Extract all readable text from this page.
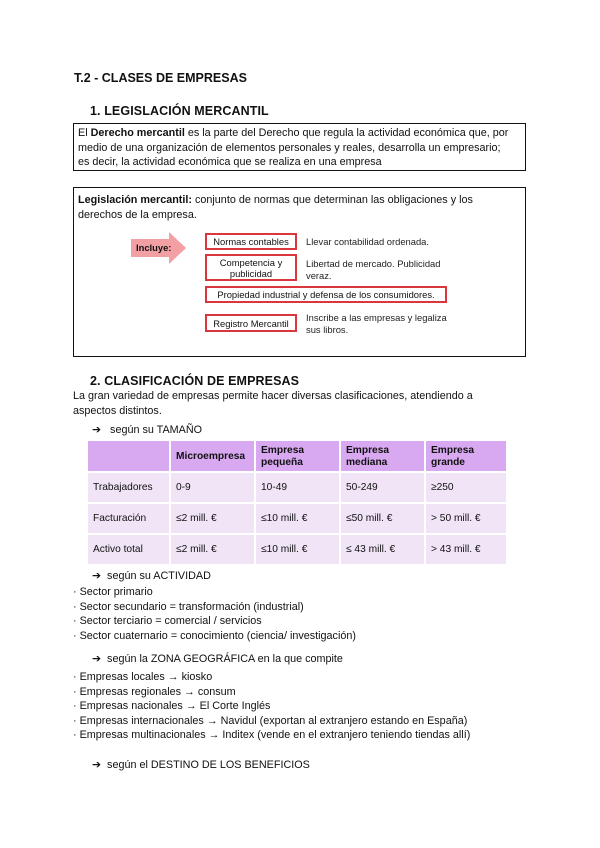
T.2 - CLASES DE EMPRESAS
1. LEGISLACIÓN MERCANTIL
El Derecho mercantil es la parte del Derecho que regula la actividad económica que, por
medio de una organización de elementos personales y reales, desarrolla un empresario;
es decir, la actividad económica que se realiza en una empresa
Legislación mercantil: conjunto de normas que determinan las obligaciones y los
derechos de la empresa.
Incluye:
Normas contables	Llevar contabilidad ordenada.
Competencia y publicidad
Libertad de mercado. Publicidad
veraz.
Propiedad industrial y defensa de los consumidores.
Registro Mercantil	Inscribe a las empresas y legaliza
sus libros.
2. CLASIFICACIÓN DE EMPRESAS
La gran variedad de empresas permite hacer diversas clasificaciones, atendiendo a
aspectos distintos.
➔ según su TAMAÑO
	Microempresa	Empresa pequeña	Empresa mediana	Empresa grande
Trabajadores	0-9	10-49	50-249	≥250
Facturación	≤2 mill. €	≤10 mill. €	≤50 mill. €	> 50 mill. €
Activo total	≤2 mill. €	≤10 mill. €	≤ 43 mill. €	> 43 mill. €
➔ según su ACTIVIDAD
· Sector primario
· Sector secundario = transformación (industrial)
· Sector terciario = comercial / servicios
· Sector cuaternario = conocimiento (ciencia/ investigación)
➔ según la ZONA GEOGRÁFICA en la que compite
· Empresas locales → kiosko
· Empresas regionales → consum
· Empresas nacionales → El Corte Inglés
· Empresas internacionales → Navidul (exportan al extranjero estando en España)
· Empresas multinacionales → Inditex (vende en el extranjero teniendo tiendas allí)
➔ según el DESTINO DE LOS BENEFICIOS
